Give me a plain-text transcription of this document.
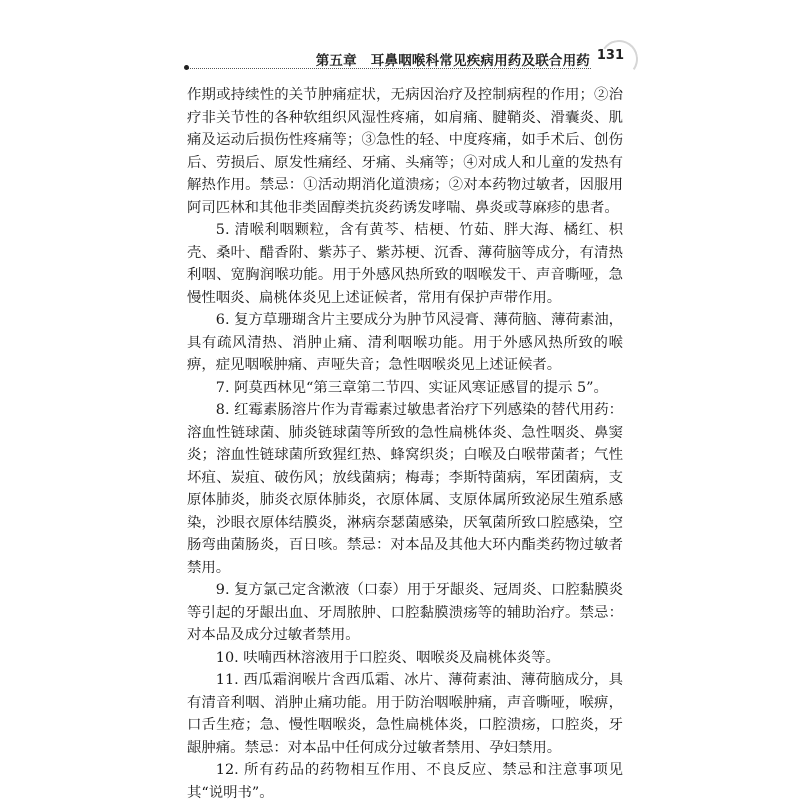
第五章 耳鼻咽喉科常见疾病用药及联合用药 131

作期或持续性的关节肿痛症状，无病因治疗及控制病程的作用；②治疗非关节性的各种软组织风湿性疼痛，如肩痛、腱鞘炎、滑囊炎、肌痛及运动后损伤性疼痛等；③急性的轻、中度疼痛，如手术后、创伤后、劳损后、原发性痛经、牙痛、头痛等；④对成人和儿童的发热有解热作用。禁忌：①活动期消化道溃疡；②对本药物过敏者，因服用阿司匹林和其他非类固醇类抗炎药诱发哮喘、鼻炎或荨麻疹的患者。

5. 清喉利咽颗粒，含有黄芩、桔梗、竹茹、胖大海、橘红、枳壳、桑叶、醋香附、紫苏子、紫苏梗、沉香、薄荷脑等成分，有清热利咽、宽胸润喉功能。用于外感风热所致的咽喉发干、声音嘶哑，急慢性咽炎、扁桃体炎见上述证候者，常用有保护声带作用。

6. 复方草珊瑚含片主要成分为肿节风浸膏、薄荷脑、薄荷素油，具有疏风清热、消肿止痛、清利咽喉功能。用于外感风热所致的喉痹，症见咽喉肿痛、声哑失音；急性咽喉炎见上述证候者。

7. 阿莫西林见“第三章第二节四、实证风寒证感冒的提示 5”。

8. 红霉素肠溶片作为青霉素过敏患者治疗下列感染的替代用药：溶血性链球菌、肺炎链球菌等所致的急性扁桃体炎、急性咽炎、鼻窦炎；溶血性链球菌所致猩红热、蜂窝织炎；白喉及白喉带菌者；气性坏疽、炭疽、破伤风；放线菌病；梅毒；李斯特菌病，军团菌病，支原体肺炎，肺炎衣原体肺炎，衣原体属、支原体属所致泌尿生殖系感染，沙眼衣原体结膜炎，淋病奈瑟菌感染，厌氧菌所致口腔感染，空肠弯曲菌肠炎，百日咳。禁忌：对本品及其他大环内酯类药物过敏者禁用。

9. 复方氯己定含漱液（口泰）用于牙龈炎、冠周炎、口腔黏膜炎等引起的牙龈出血、牙周脓肿、口腔黏膜溃疡等的辅助治疗。禁忌：对本品及成分过敏者禁用。

10. 呋喃西林溶液用于口腔炎、咽喉炎及扁桃体炎等。

11. 西瓜霜润喉片含西瓜霜、冰片、薄荷素油、薄荷脑成分，具有清音利咽、消肿止痛功能。用于防治咽喉肿痛，声音嘶哑，喉痹，口舌生疮；急、慢性咽喉炎，急性扁桃体炎，口腔溃疡，口腔炎，牙龈肿痛。禁忌：对本品中任何成分过敏者禁用、孕妇禁用。

12. 所有药品的药物相互作用、不良反应、禁忌和注意事项见其“说明书”。
